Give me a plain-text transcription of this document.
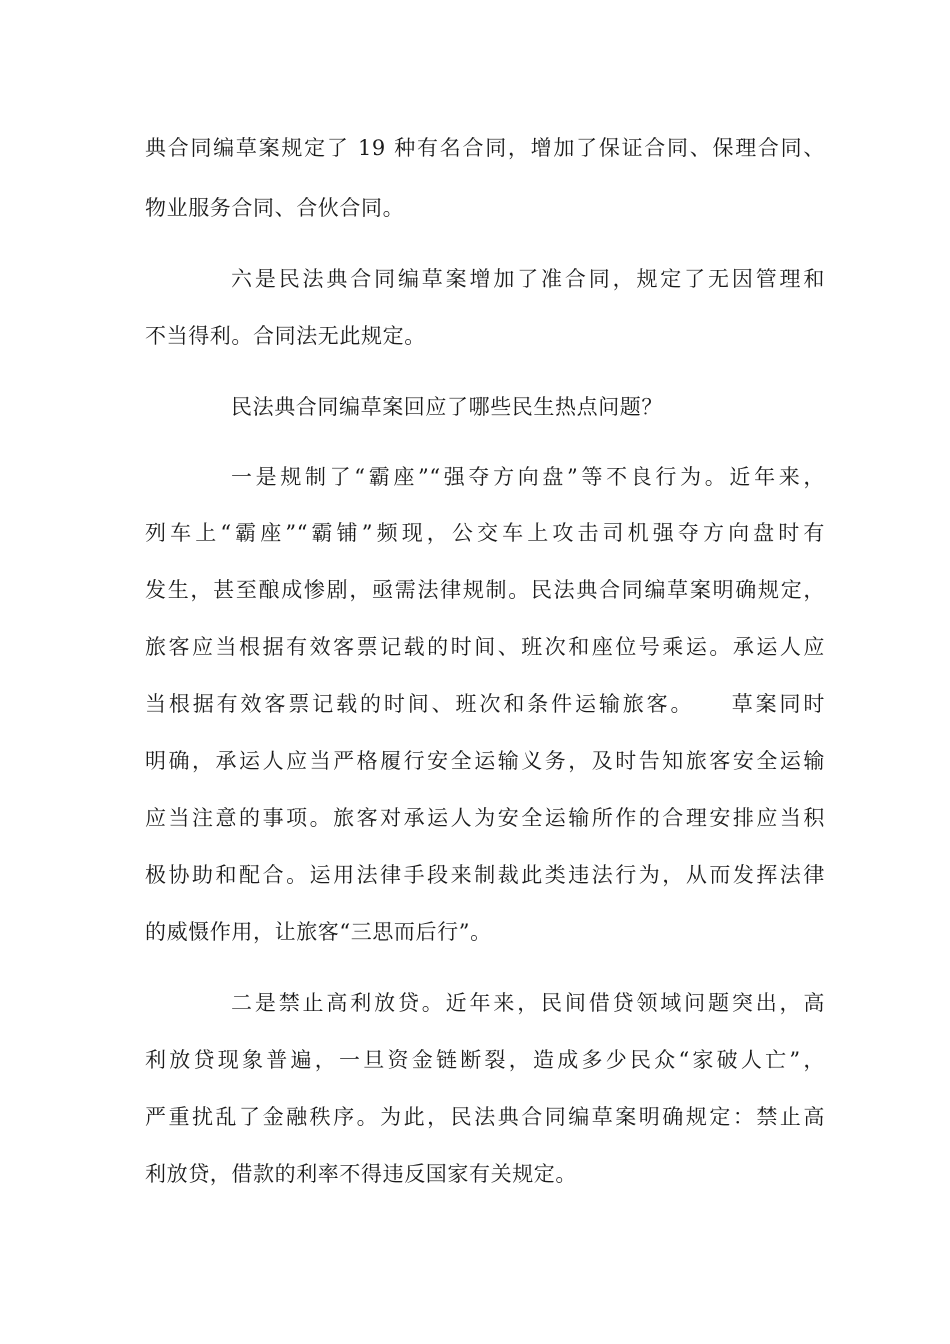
典合同编草案规定了 19 种有名合同，增加了保证合同、保理合同、
物业服务合同、合伙合同。
六是民法典合同编草案增加了准合同，规定了无因管理和
不当得利。合同法无此规定。
民法典合同编草案回应了哪些民生热点问题？
一是规制了“霸座”“强夺方向盘”等不良行为。近年来，
列车上“霸座”“霸铺”频现，公交车上攻击司机强夺方向盘时有
发生，甚至酿成惨剧，亟需法律规制。民法典合同编草案明确规定，
旅客应当根据有效客票记载的时间、班次和座位号乘运。承运人应
当根据有效客票记载的时间、班次和条件运输旅客。　　草案同时
明确，承运人应当严格履行安全运输义务，及时告知旅客安全运输
应当注意的事项。旅客对承运人为安全运输所作的合理安排应当积
极协助和配合。运用法律手段来制裁此类违法行为，从而发挥法律
的威慑作用，让旅客“三思而后行”。
二是禁止高利放贷。近年来，民间借贷领域问题突出，高
利放贷现象普遍，一旦资金链断裂，造成多少民众“家破人亡”，
严重扰乱了金融秩序。为此，民法典合同编草案明确规定：禁止高
利放贷，借款的利率不得违反国家有关规定。
